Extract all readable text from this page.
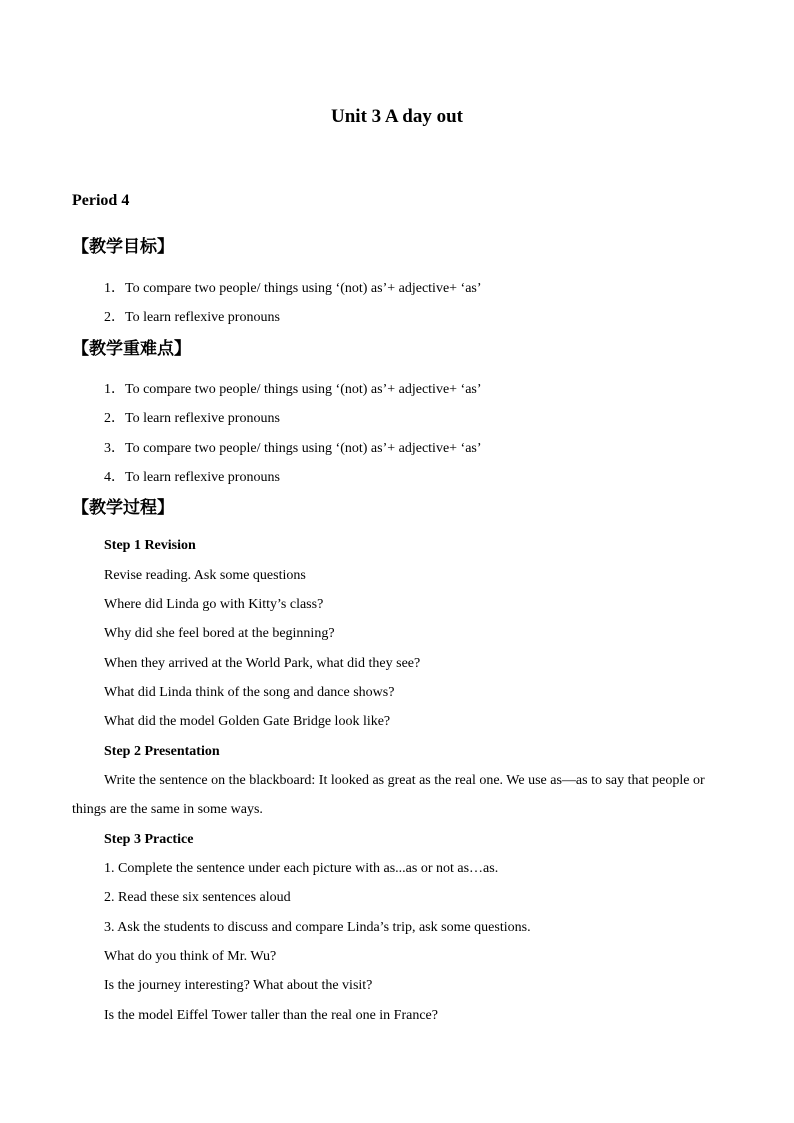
Unit 3 A day out
Period 4
【教学目标】
1．To compare two people/ things using ‘(not) as’+ adjective+ ‘as’
2．To learn reflexive pronouns
【教学重难点】
1．To compare two people/ things using ‘(not) as’+ adjective+ ‘as’
2．To learn reflexive pronouns
3．To compare two people/ things using ‘(not) as’+ adjective+ ‘as’
4．To learn reflexive pronouns
【教学过程】
Step 1 Revision
Revise reading. Ask some questions
Where did Linda go with Kitty’s class?
Why did she feel bored at the beginning?
When they arrived at the World Park, what did they see?
What did Linda think of the song and dance shows?
What did the model Golden Gate Bridge look like?
Step 2 Presentation
Write the sentence on the blackboard: It looked as great as the real one. We use as—as to say that people or things are the same in some ways.
Step 3 Practice
1. Complete the sentence under each picture with as...as or not as…as.
2. Read these six sentences aloud
3. Ask the students to discuss and compare Linda’s trip, ask some questions.
What do you think of Mr. Wu?
Is the journey interesting? What about the visit?
Is the model Eiffel Tower taller than the real one in France?
